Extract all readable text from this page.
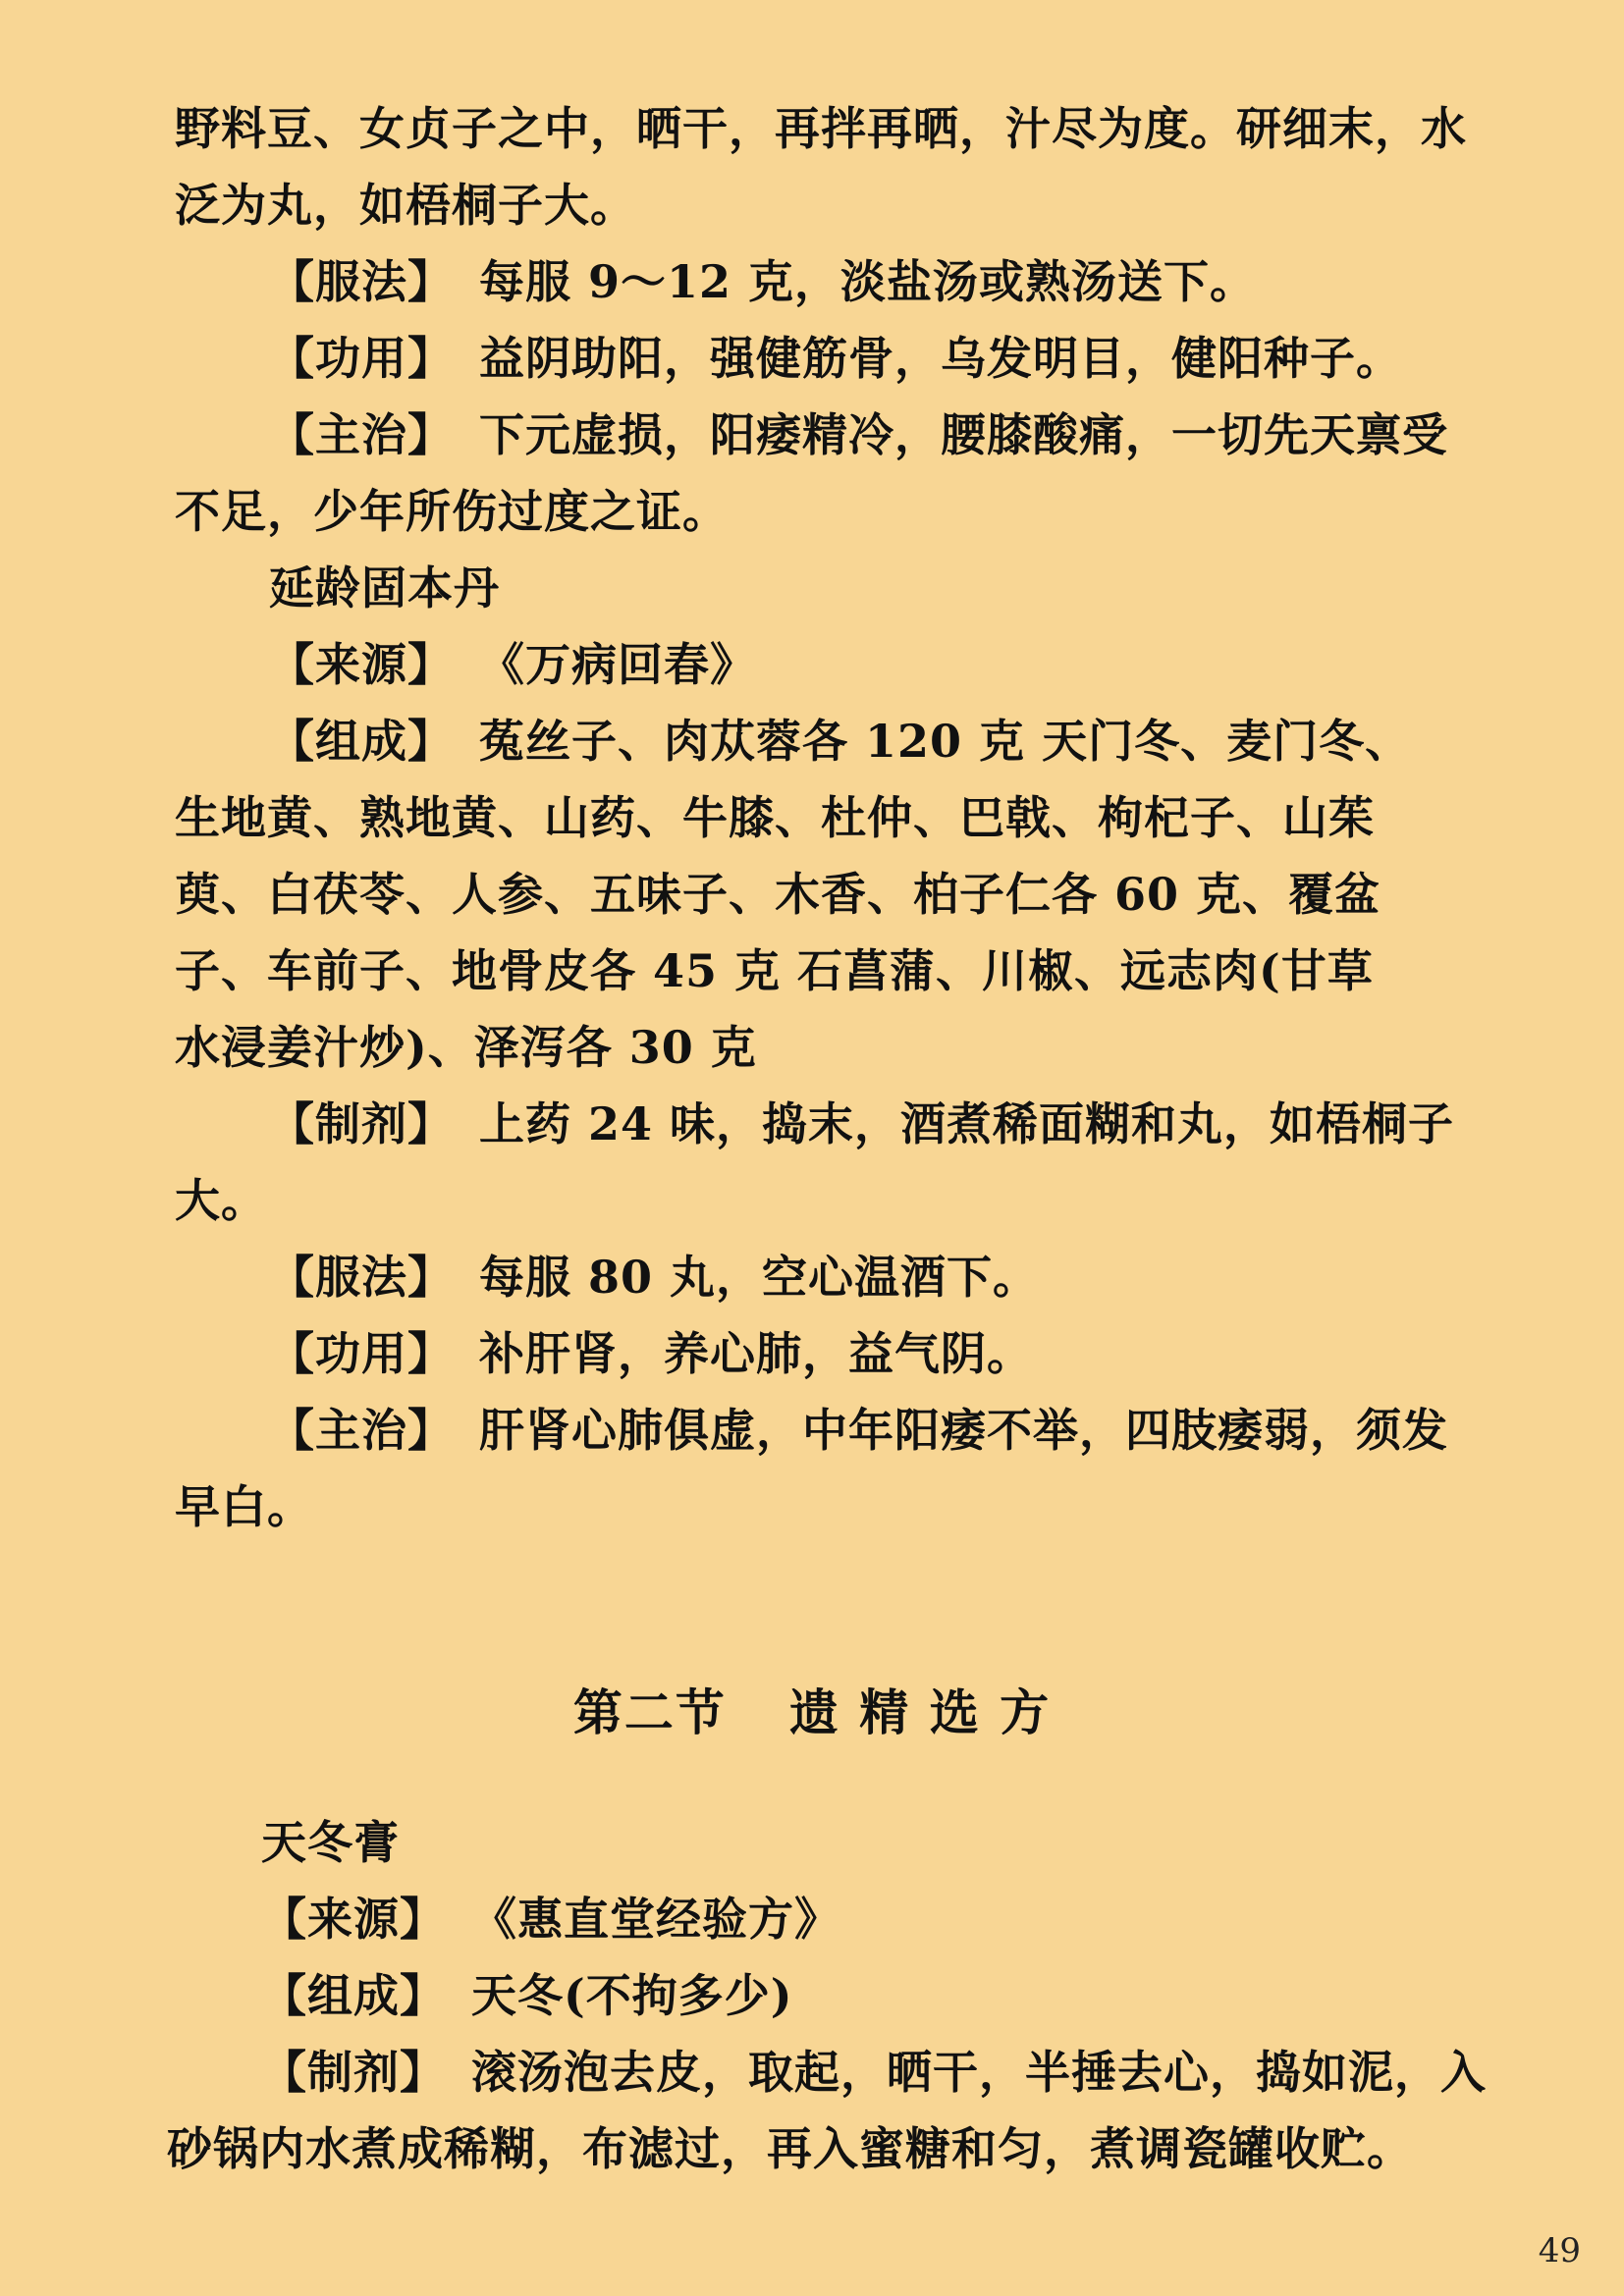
野料豆、女贞子之中，晒干，再拌再晒，汁尽为度。研细末，水
泛为丸，如梧桐子大。
【服法】 每服 9～12 克，淡盐汤或熟汤送下。
【功用】 益阴助阳，强健筋骨，乌发明目，健阳种子。
【主治】 下元虚损，阳痿精冷，腰膝酸痛，一切先天禀受
不足，少年所伤过度之证。
延龄固本丹
【来源】 《万病回春》
【组成】 菟丝子、肉苁蓉各 120 克 天门冬、麦门冬、
生地黄、熟地黄、山药、牛膝、杜仲、巴戟、枸杞子、山茱
萸、白茯苓、人参、五味子、木香、柏子仁各 60 克、覆盆
子、车前子、地骨皮各 45 克 石菖蒲、川椒、远志肉(甘草
水浸姜汁炒)、泽泻各 30 克
【制剂】 上药 24 味，捣末，酒煮稀面糊和丸，如梧桐子
大。
【服法】 每服 80 丸，空心温酒下。
【功用】 补肝肾，养心肺，益气阴。
【主治】 肝肾心肺俱虚，中年阳痿不举，四肢痿弱，须发
早白。
第二节 遗 精 选 方
天冬膏
【来源】 《惠直堂经验方》
【组成】 天冬(不拘多少)
【制剂】 滚汤泡去皮，取起，晒干，半捶去心，捣如泥，入
砂锅内水煮成稀糊，布滤过，再入蜜糖和匀，煮调瓷罐收贮。
49
